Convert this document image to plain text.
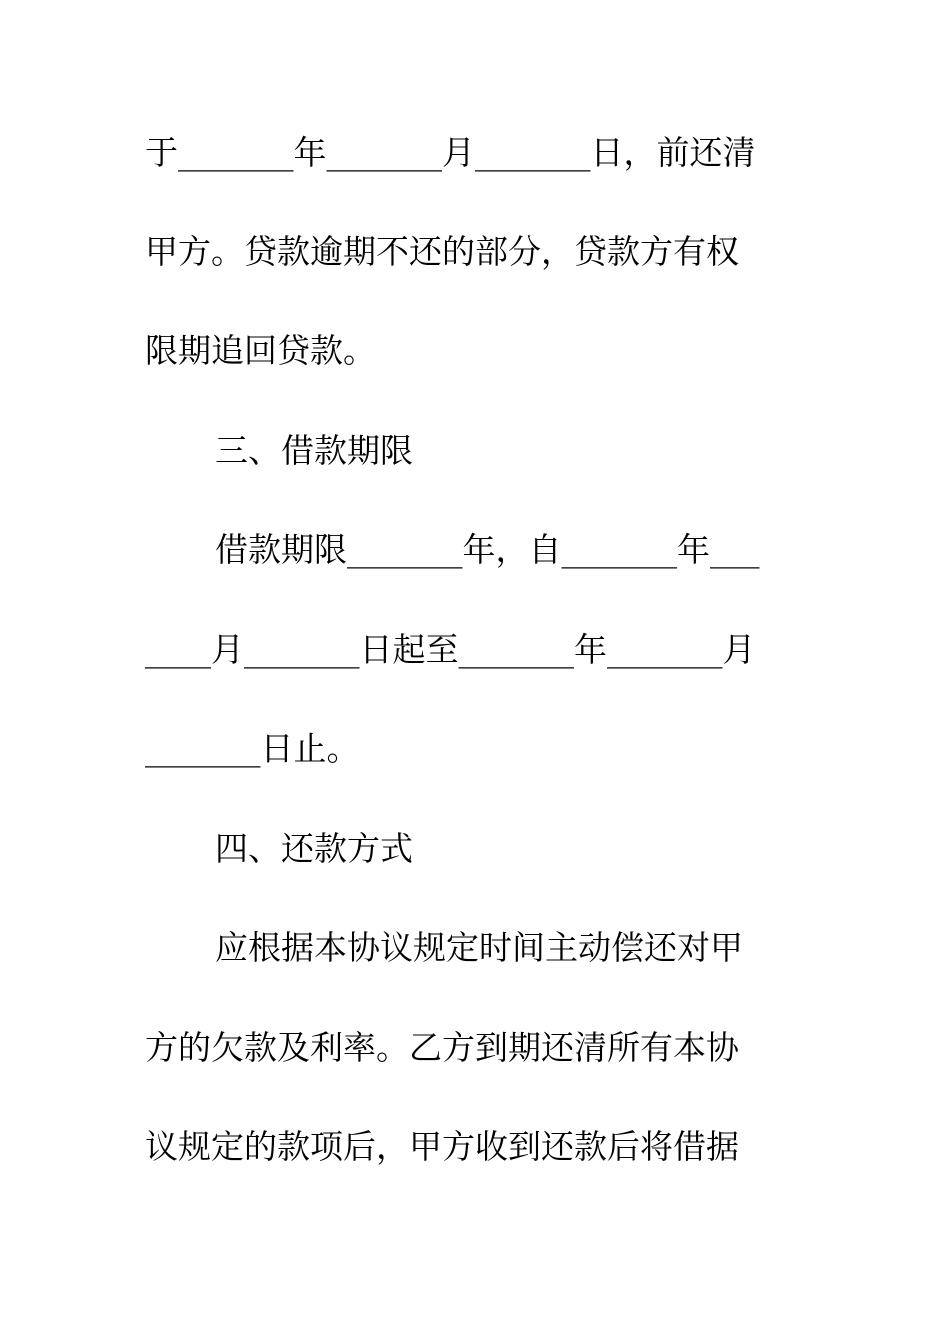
于_______年_______月_______日，前还清
甲方。贷款逾期不还的部分，贷款方有权
限期追回贷款。
三、借款期限
借款期限_______年，自_______年___
____月_______日起至_______年_______月
_______日止。
四、还款方式
应根据本协议规定时间主动偿还对甲
方的欠款及利率。乙方到期还清所有本协
议规定的款项后，甲方收到还款后将借据
